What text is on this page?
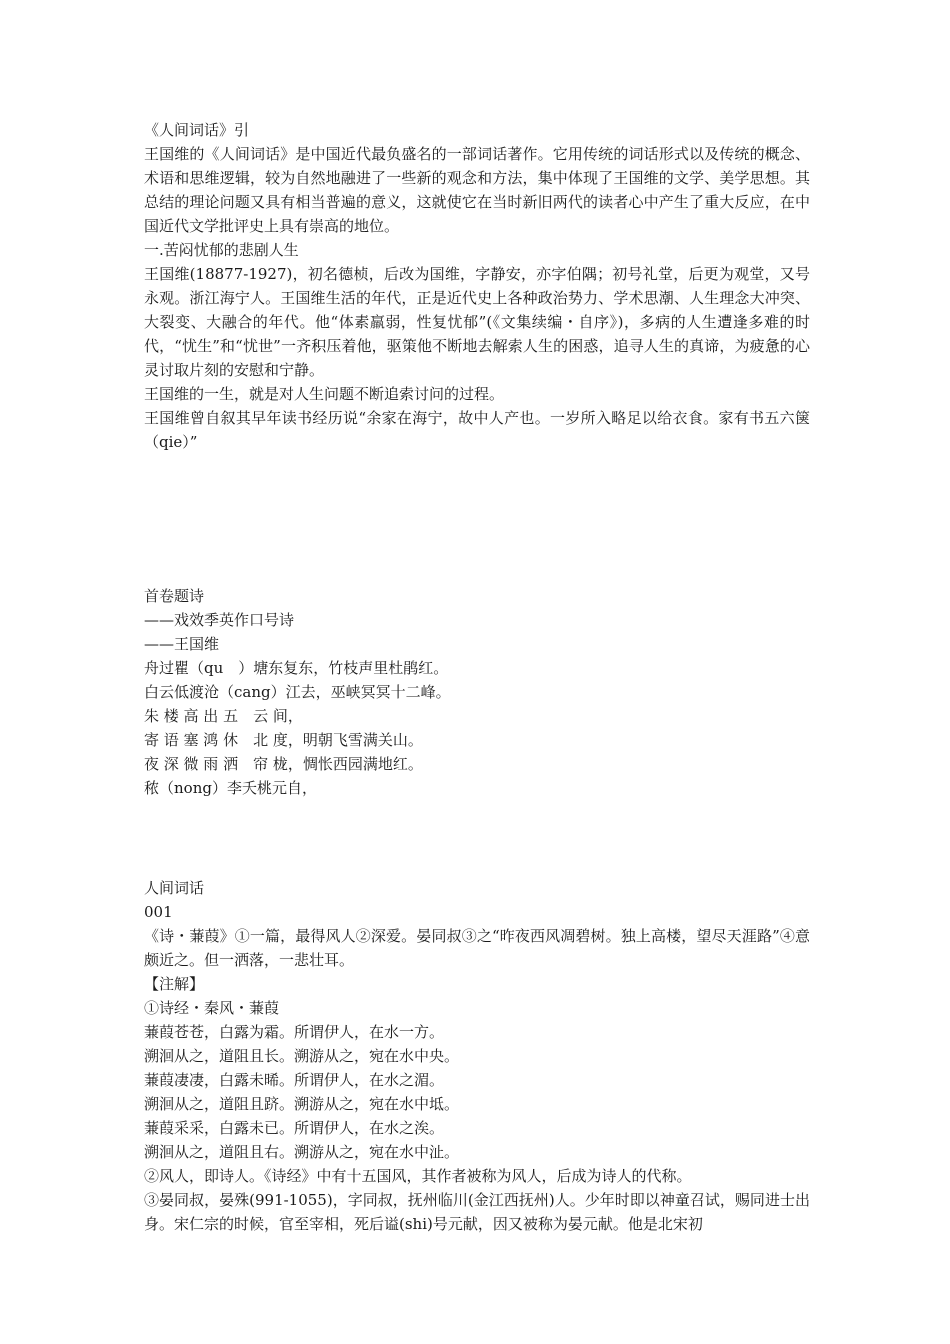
《人间词话》引
王国维的《人间词话》是中国近代最负盛名的一部词话著作。它用传统的词话形式以及传统的概念、术语和思维逻辑，较为自然地融进了一些新的观念和方法，集中体现了王国维的文学、美学思想。其总结的理论问题又具有相当普遍的意义，这就使它在当时新旧两代的读者心中产生了重大反应，在中国近代文学批评史上具有崇高的地位。
一.苦闷忧郁的悲剧人生
王国维(18877-1927)，初名德桢，后改为国维，字静安，亦字伯隅；初号礼堂，后更为观堂，又号永观。浙江海宁人。王国维生活的年代，正是近代史上各种政治势力、学术思潮、人生理念大冲突、大裂变、大融合的年代。他“体素羸弱，性复忧郁”(《文集续编・自序》)，多病的人生遭逢多难的时代，“忧生”和“忧世”一齐积压着他，驱策他不断地去解索人生的困惑，追寻人生的真谛，为疲惫的心灵讨取片刻的安慰和宁静。
王国维的一生，就是对人生问题不断追索讨问的过程。
王国维曾自叙其早年读书经历说“余家在海宁，故中人产也。一岁所入略足以给衣食。家有书五六箧（qie）”
首卷题诗
——戏效季英作口号诗
——王国维
舟过瞿（qu　）塘东复东，竹枝声里杜鹃红。
白云低渡沧（cang）江去，巫峡冥冥十二峰。
朱 楼 高 出 五　云 间，
寄 语 塞 鸿 休　北 度，明朝飞雪满关山。
夜 深 微 雨 洒　帘 栊，惆怅西园满地红。
秾（nong）李夭桃元自，
人间词话
001
《诗・蒹葭》①一篇，最得风人②深爱。晏同叔③之“昨夜西风凋碧树。独上高楼，望尽天涯路”④意颇近之。但一洒落，一悲壮耳。
【注解】
①诗经・秦风・蒹葭
蒹葭苍苍，白露为霜。所谓伊人，在水一方。
溯洄从之，道阻且长。溯游从之，宛在水中央。
蒹葭凄凄，白露未晞。所谓伊人，在水之湄。
溯洄从之，道阻且跻。溯游从之，宛在水中坻。
蒹葭采采，白露未已。所谓伊人，在水之涘。
溯洄从之，道阻且右。溯游从之，宛在水中沚。
②风人，即诗人。《诗经》中有十五国风，其作者被称为风人，后成为诗人的代称。
③晏同叔，晏殊(991-1055)，字同叔，抚州临川(金江西抚州)人。少年时即以神童召试，赐同进士出身。宋仁宗的时候，官至宰相，死后谥(shi)号元献，因又被称为晏元献。他是北宋初
